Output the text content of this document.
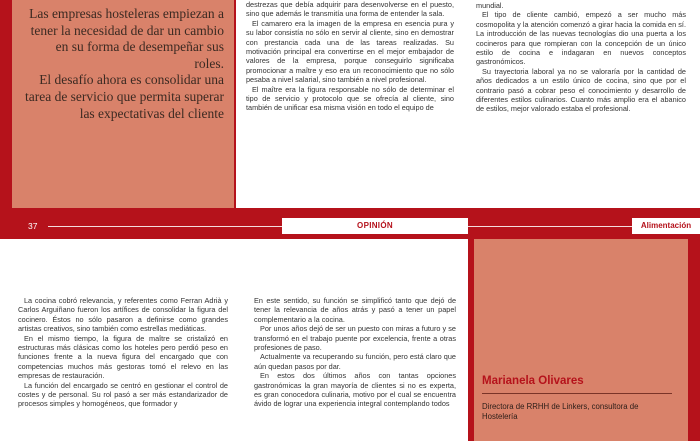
Las empresas hosteleras empiezan a tener la necesidad de dar un cambio en su forma de desempeñar sus roles.

El desafío ahora es consolidar una tarea de servicio que permita superar las expectativas del cliente

destrezas que debía adquirir para desenvolverse en el puesto, sino que además le transmitía una forma de entender la sala.

El camarero era la imagen de la empresa en esencia pura y su labor consistía no sólo en servir al cliente, sino en demostrar con prestancia cada una de las tareas realizadas. Su motivación principal era convertirse en el mejor embajador de valores de la empresa, porque conseguirlo significaba promocionar a maître y eso era un reconocimiento que no sólo pesaba a nivel salarial, sino también a nivel profesional.

El maître era la figura responsable no sólo de determinar el tipo de servicio y protocolo que se ofrecía al cliente, sino también de unificar esa misma visión en todo el equipo de

mundial.

El tipo de cliente cambió, empezó a ser mucho más cosmopolita y la atención comenzó a girar hacia la comida en sí. La introducción de las nuevas tecnologías dio una puerta a los cocineros para que rompieran con la concepción de un único estilo de cocina e indagaran en nuevos conceptos gastronómicos.

Su trayectoria laboral ya no se valoraría por la cantidad de años dedicados a un estilo único de cocina, sino que por el contrario pasó a cobrar peso el conocimiento y desarrollo de diferentes estilos culinarios. Cuanto más amplio era el abanico de estilos, mejor valorado estaba el profesional.

37	OPINIÓN	Alimentación

La cocina cobró relevancia, y referentes como Ferran Adrià y Carlos Arguiñano fueron los artífices de consolidar la figura del cocinero. Éstos no sólo pasaron a definirse como grandes artistas creativos, sino también como estrellas mediáticas.

En el mismo tiempo, la figura de maître se cristalizó en estructuras más clásicas como los hoteles pero perdió peso en funciones frente a la nueva figura del encargado que con competencias muchos más gestoras tomó el relevo en las empresas de restauración.

La función del encargado se centró en gestionar el control de costes y de personal. Su rol pasó a ser más estandarizador de procesos simples y homogéneos, que formador y

En este sentido, su función se simplificó tanto que dejó de tener la relevancia de años atrás y pasó a tener un papel complementario a la cocina.

Por unos años dejó de ser un puesto con miras a futuro y se transformó en el trabajo puente por excelencia, frente a otras profesiones de paso.

Actualmente va recuperando su función, pero está claro que aún quedan pasos por dar.

En estos dos últimos años con tantas opciones gastronómicas la gran mayoría de clientes si no es experta, es gran conocedora culinaria, motivo por el cual se encuentra ávido de lograr una experiencia integral contemplando todos

Marianela Olivares
Directora de RRHH de Linkers, consultora de Hostelería
